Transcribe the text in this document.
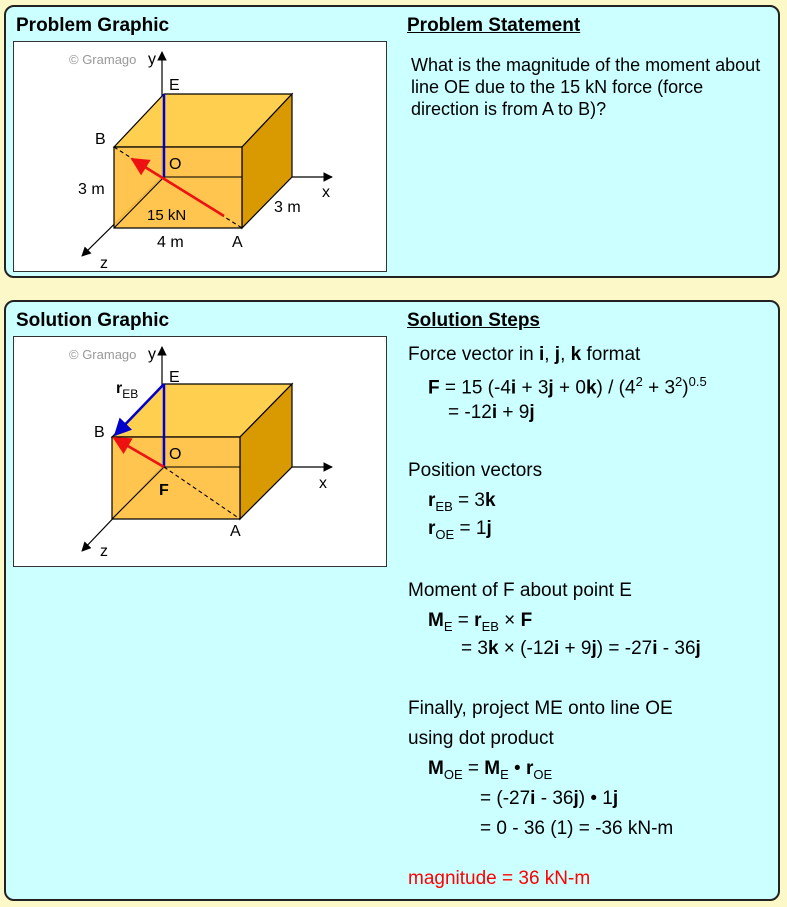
Problem Graphic	Problem Statement
© Gramago y
E
B
O
x
3 m
3 m
15 kN
4 m	A
z
What is the magnitude of the moment about line OE due to the 15 kN force (force direction is from A to B)?
Solution Graphic	Solution Steps
© Gramago y
E
$r_{EB}$
B
O
F	x
A
z
Force vector in i, j, k format
F = 15 $(-4i + 3j + 0k) / (4^2 + 3^2)^{0.5}$
= -12i + 9j
Position vectors
$r_{EB} = 3k$
$r_{OE} = 1j$
Moment of F about point E
$M_E = r_{EB} \times F$
= 3k × (-12i + 9j) = -27i - 36j
Finally, project ME onto line OE
using dot product
$M_{OE} = M_E$ • $r_{OE}$
= (-27i - 36j) • 1j
= 0 - 36 (1) = -36 kN-m
magnitude = 36 kN-m
